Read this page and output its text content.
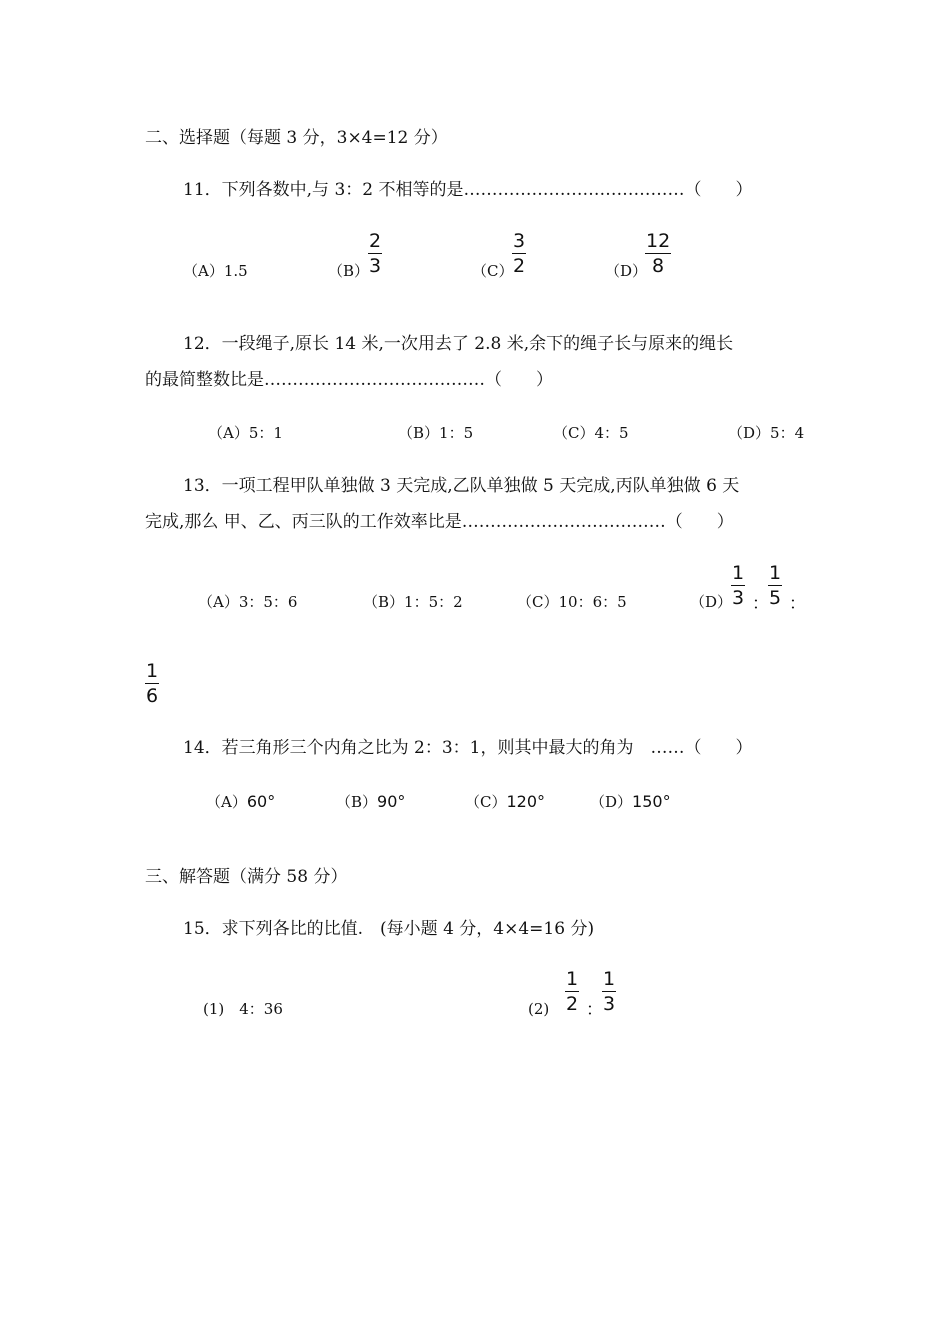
二、选择题（每题 3 分，3×4=12 分）
11．下列各数中,与 3：2 不相等的是…………………………………（　　）
（A）1.5	（B）
2
3	（C）
3
2	（D）
12
8
12．一段绳子,原长 14 米,一次用去了 2.8 米,余下的绳子长与原来的绳长
的最简整数比是…………………………………（　　）
（A）5：1	（B）1：5	（C）4：5	（D）5：4
13．一项工程甲队单独做 3 天完成,乙队单独做 5 天完成,丙队单独做 6 天
完成,那么 甲、乙、丙三队的工作效率比是………………………………（　　）
（A）3：5：6	（B）1：5：2	（C）10：6：5	（D）
1
3 ：
1
5 ：
1
6
14．若三角形三个内角之比为 2：3：1，则其中最大的角为　……（　　）
（A）60°	（B）90°	（C）120°	（D）150°
三、解答题（满分 58 分）
15．求下列各比的比值.　(每小题 4 分，4×4=16 分)
(1)　4：36	(2)
1
2 ：
1
3
